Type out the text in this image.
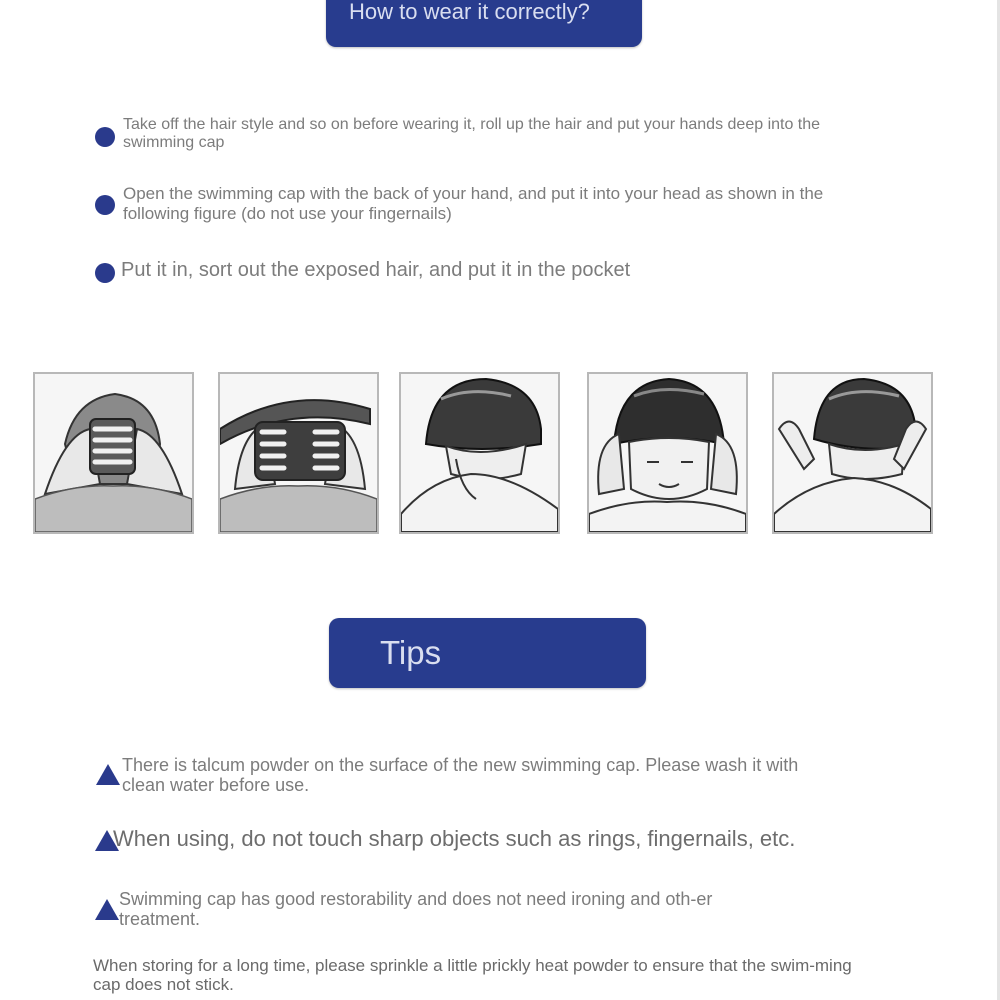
How to wear it correctly?
Take off the hair style and so on before wearing it, roll up the hair and put your hands deep into the swimming cap
Open the swimming cap with the back of your hand, and put it into your head as shown in the following figure (do not use your fingernails)
Put it in, sort out the exposed hair, and put it in the pocket
Tips
There is talcum powder on the surface of the new swimming cap. Please wash it with clean water before use.
When using, do not touch sharp objects such as rings, fingernails, etc.
Swimming cap has good restorability and does not need ironing and oth-er treatment.
When storing for a long time, please sprinkle a little prickly heat powder to ensure that the swim-ming cap does not stick.
